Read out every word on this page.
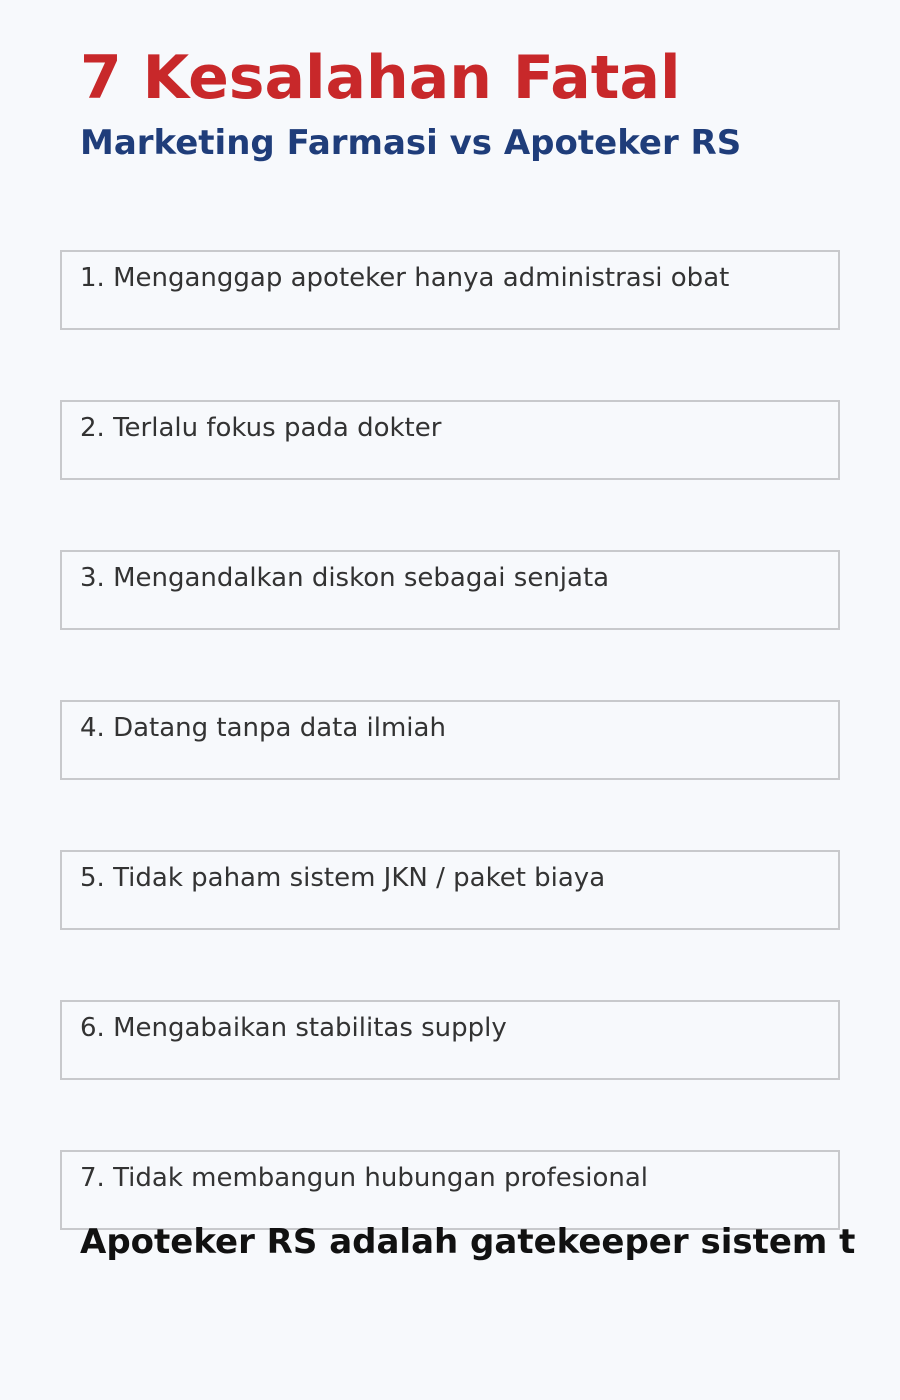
7 Kesalahan Fatal
Marketing Farmasi vs Apoteker RS
1. Menganggap apoteker hanya administrasi obat
2. Terlalu fokus pada dokter
3. Mengandalkan diskon sebagai senjata
4. Datang tanpa data ilmiah
5. Tidak paham sistem JKN / paket biaya
6. Mengabaikan stabilitas supply
7. Tidak membangun hubungan profesional

Apoteker RS adalah gatekeeper sistem t
